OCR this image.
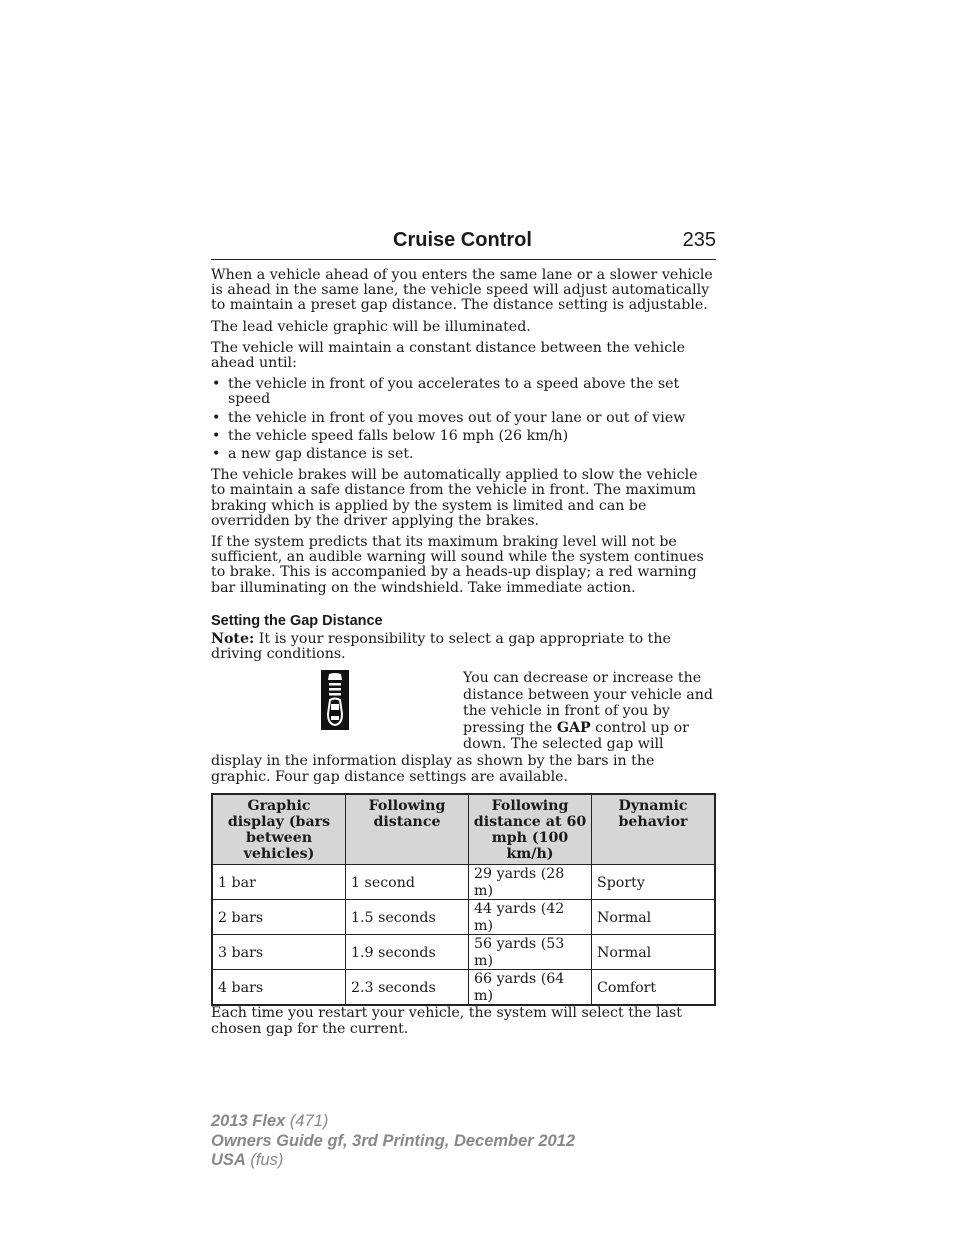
Cruise Control	235

When a vehicle ahead of you enters the same lane or a slower vehicle is ahead in the same lane, the vehicle speed will adjust automatically to maintain a preset gap distance. The distance setting is adjustable.

The lead vehicle graphic will be illuminated.

The vehicle will maintain a constant distance between the vehicle ahead until:

• the vehicle in front of you accelerates to a speed above the set speed
• the vehicle in front of you moves out of your lane or out of view
• the vehicle speed falls below 16 mph (26 km/h)
• a new gap distance is set.

The vehicle brakes will be automatically applied to slow the vehicle to maintain a safe distance from the vehicle in front. The maximum braking which is applied by the system is limited and can be overridden by the driver applying the brakes.

If the system predicts that its maximum braking level will not be sufficient, an audible warning will sound while the system continues to brake. This is accompanied by a heads-up display; a red warning bar illuminating on the windshield. Take immediate action.

Setting the Gap Distance

Note: It is your responsibility to select a gap appropriate to the driving conditions.

You can decrease or increase the distance between your vehicle and the vehicle in front of you by pressing the GAP control up or down. The selected gap will display in the information display as shown by the bars in the graphic. Four gap distance settings are available.

Graphic display (bars between vehicles)	Following distance	Following distance at 60 mph (100 km/h)	Dynamic behavior
1 bar	1 second	29 yards (28 m)	Sporty
2 bars	1.5 seconds	44 yards (42 m)	Normal
3 bars	1.9 seconds	56 yards (53 m)	Normal
4 bars	2.3 seconds	66 yards (64 m)	Comfort

Each time you restart your vehicle, the system will select the last chosen gap for the current.

2013 Flex (471)
Owners Guide gf, 3rd Printing, December 2012
USA (fus)
